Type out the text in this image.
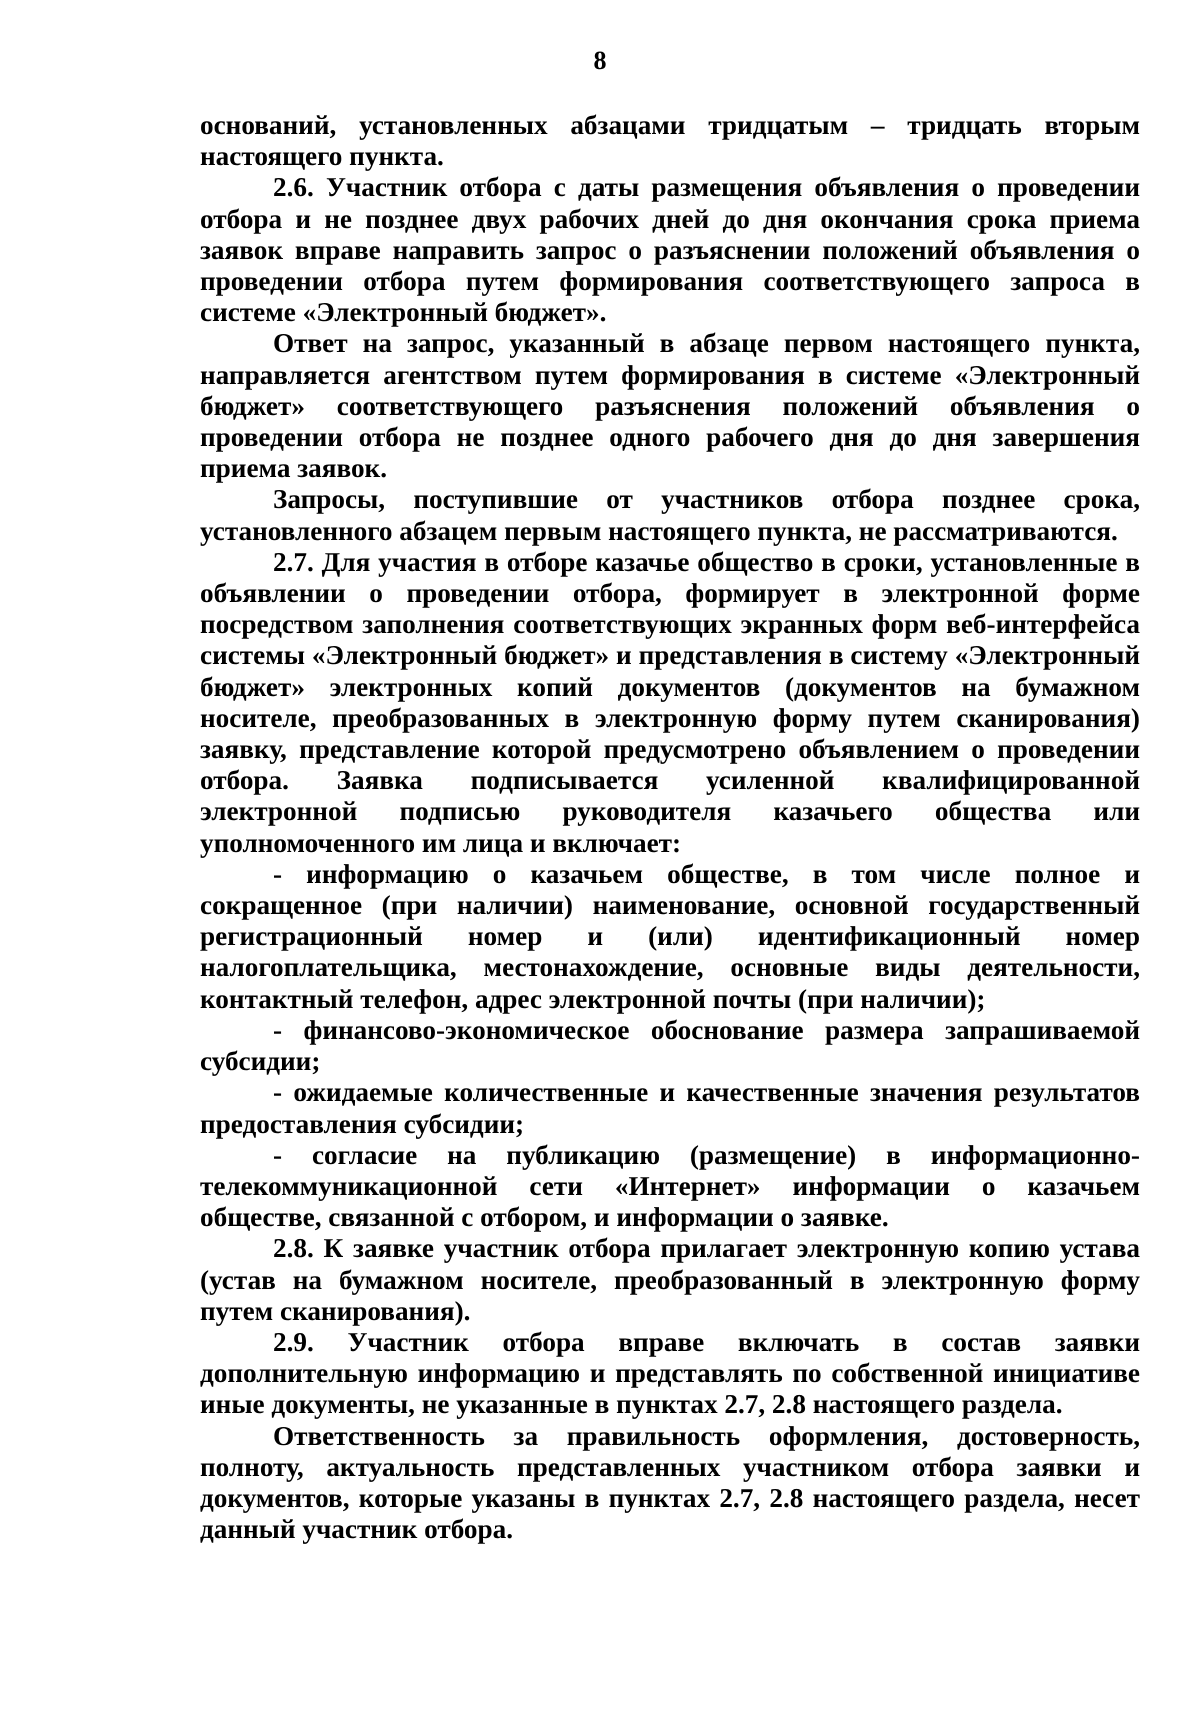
8

оснований, установленных абзацами тридцатым – тридцать вторым настоящего пункта.

2.6. Участник отбора с даты размещения объявления о проведении отбора и не позднее двух рабочих дней до дня окончания срока приема заявок вправе направить запрос о разъяснении положений объявления о проведении отбора путем формирования соответствующего запроса в системе «Электронный бюджет».

Ответ на запрос, указанный в абзаце первом настоящего пункта, направляется агентством путем формирования в системе «Электронный бюджет» соответствующего разъяснения положений объявления о проведении отбора не позднее одного рабочего дня до дня завершения приема заявок.

Запросы, поступившие от участников отбора позднее срока, установленного абзацем первым настоящего пункта, не рассматриваются.

2.7. Для участия в отборе казачье общество в сроки, установленные в объявлении о проведении отбора, формирует в электронной форме посредством заполнения соответствующих экранных форм веб-интерфейса системы «Электронный бюджет» и представления в систему «Электронный бюджет» электронных копий документов (документов на бумажном носителе, преобразованных в электронную форму путем сканирования) заявку, представление которой предусмотрено объявлением о проведении отбора. Заявка подписывается усиленной квалифицированной электронной подписью руководителя казачьего общества или уполномоченного им лица и включает:

- информацию о казачьем обществе, в том числе полное и сокращенное (при наличии) наименование, основной государственный регистрационный номер и (или) идентификационный номер налогоплательщика, местонахождение, основные виды деятельности, контактный телефон, адрес электронной почты (при наличии);

- финансово-экономическое обоснование размера запрашиваемой субсидии;

- ожидаемые количественные и качественные значения результатов предоставления субсидии;

- согласие на публикацию (размещение) в информационно-телекоммуникационной сети «Интернет» информации о казачьем обществе, связанной с отбором, и информации о заявке.

2.8. К заявке участник отбора прилагает электронную копию устава (устав на бумажном носителе, преобразованный в электронную форму путем сканирования).

2.9. Участник отбора вправе включать в состав заявки дополнительную информацию и представлять по собственной инициативе иные документы, не указанные в пунктах 2.7, 2.8 настоящего раздела.

Ответственность за правильность оформления, достоверность, полноту, актуальность представленных участником отбора заявки и документов, которые указаны в пунктах 2.7, 2.8 настоящего раздела, несет данный участник отбора.
